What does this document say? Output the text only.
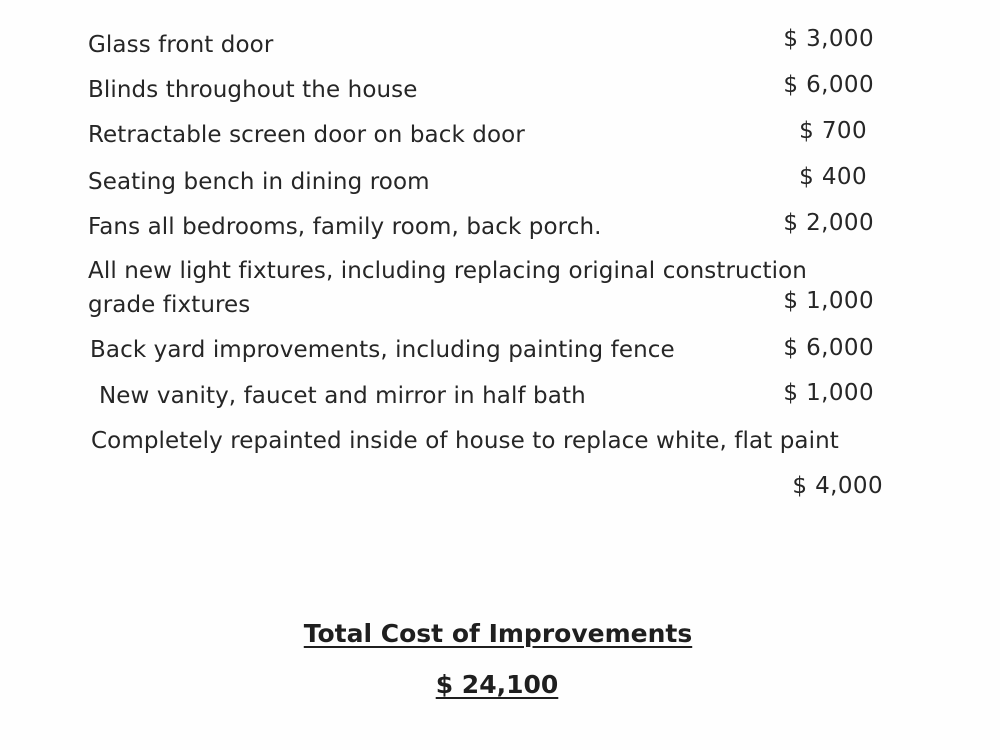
Glass front door	$ 3,000
Blinds throughout the house	$ 6,000
Retractable screen door on back door	$ 700
Seating bench in dining room	$ 400
Fans all bedrooms, family room, back porch.	$ 2,000
All new light fixtures, including replacing original construction
grade fixtures	$ 1,000
Back yard improvements, including painting fence	$ 6,000
New vanity, faucet and mirror in half bath	$ 1,000
Completely repainted inside of house to replace white, flat paint
$ 4,000
Total Cost of Improvements
$ 24,100
